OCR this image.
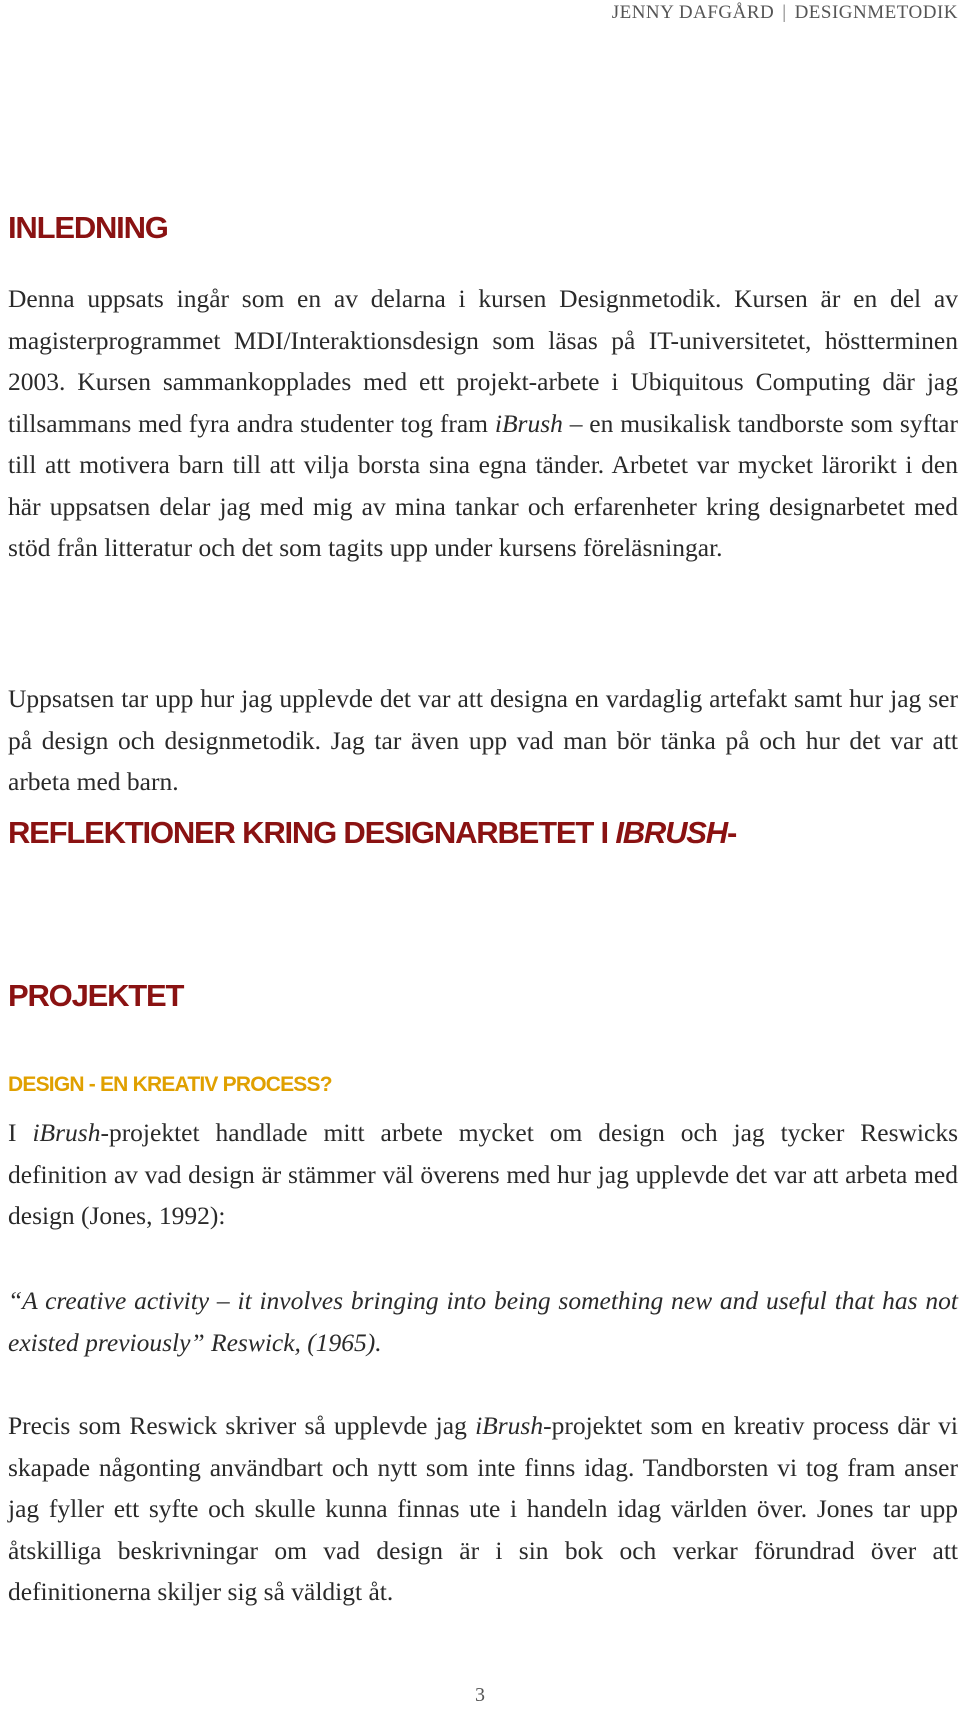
JENNY DAFGÅRD | DESIGNMETODIK
INLEDNING

Denna uppsats ingår som en av delarna i kursen Designmetodik. Kursen är en del av magisterprogrammet MDI/Interaktionsdesign som läsas på IT-universitetet, höstterminen 2003. Kursen sammankopplades med ett projekt-arbete i Ubiquitous Computing där jag tillsammans med fyra andra studenter tog fram iBrush – en musikalisk tandborste som syftar till att motivera barn till att vilja borsta sina egna tänder. Arbetet var mycket lärorikt i den här uppsatsen delar jag med mig av mina tankar och erfarenheter kring designarbetet med stöd från litteratur och det som tagits upp under kursens föreläsningar.

Uppsatsen tar upp hur jag upplevde det var att designa en vardaglig artefakt samt hur jag ser på design och designmetodik. Jag tar även upp vad man bör tänka på och hur det var att arbeta med barn.

REFLEKTIONER KRING DESIGNARBETET I IBRUSH-
PROJEKTET
DESIGN - EN KREATIV PROCESS?

I iBrush-projektet handlade mitt arbete mycket om design och jag tycker Reswicks definition av vad design är stämmer väl överens med hur jag upplevde det var att arbeta med design (Jones, 1992):

“A creative activity – it involves bringing into being something new and useful that has not existed previously” Reswick, (1965).

Precis som Reswick skriver så upplevde jag iBrush-projektet som en kreativ process där vi skapade någonting användbart och nytt som inte finns idag. Tandborsten vi tog fram anser jag fyller ett syfte och skulle kunna finnas ute i handeln idag världen över. Jones tar upp åtskilliga beskrivningar om vad design är i sin bok och verkar förundrad över att definitionerna skiljer sig så väldigt åt.

3
